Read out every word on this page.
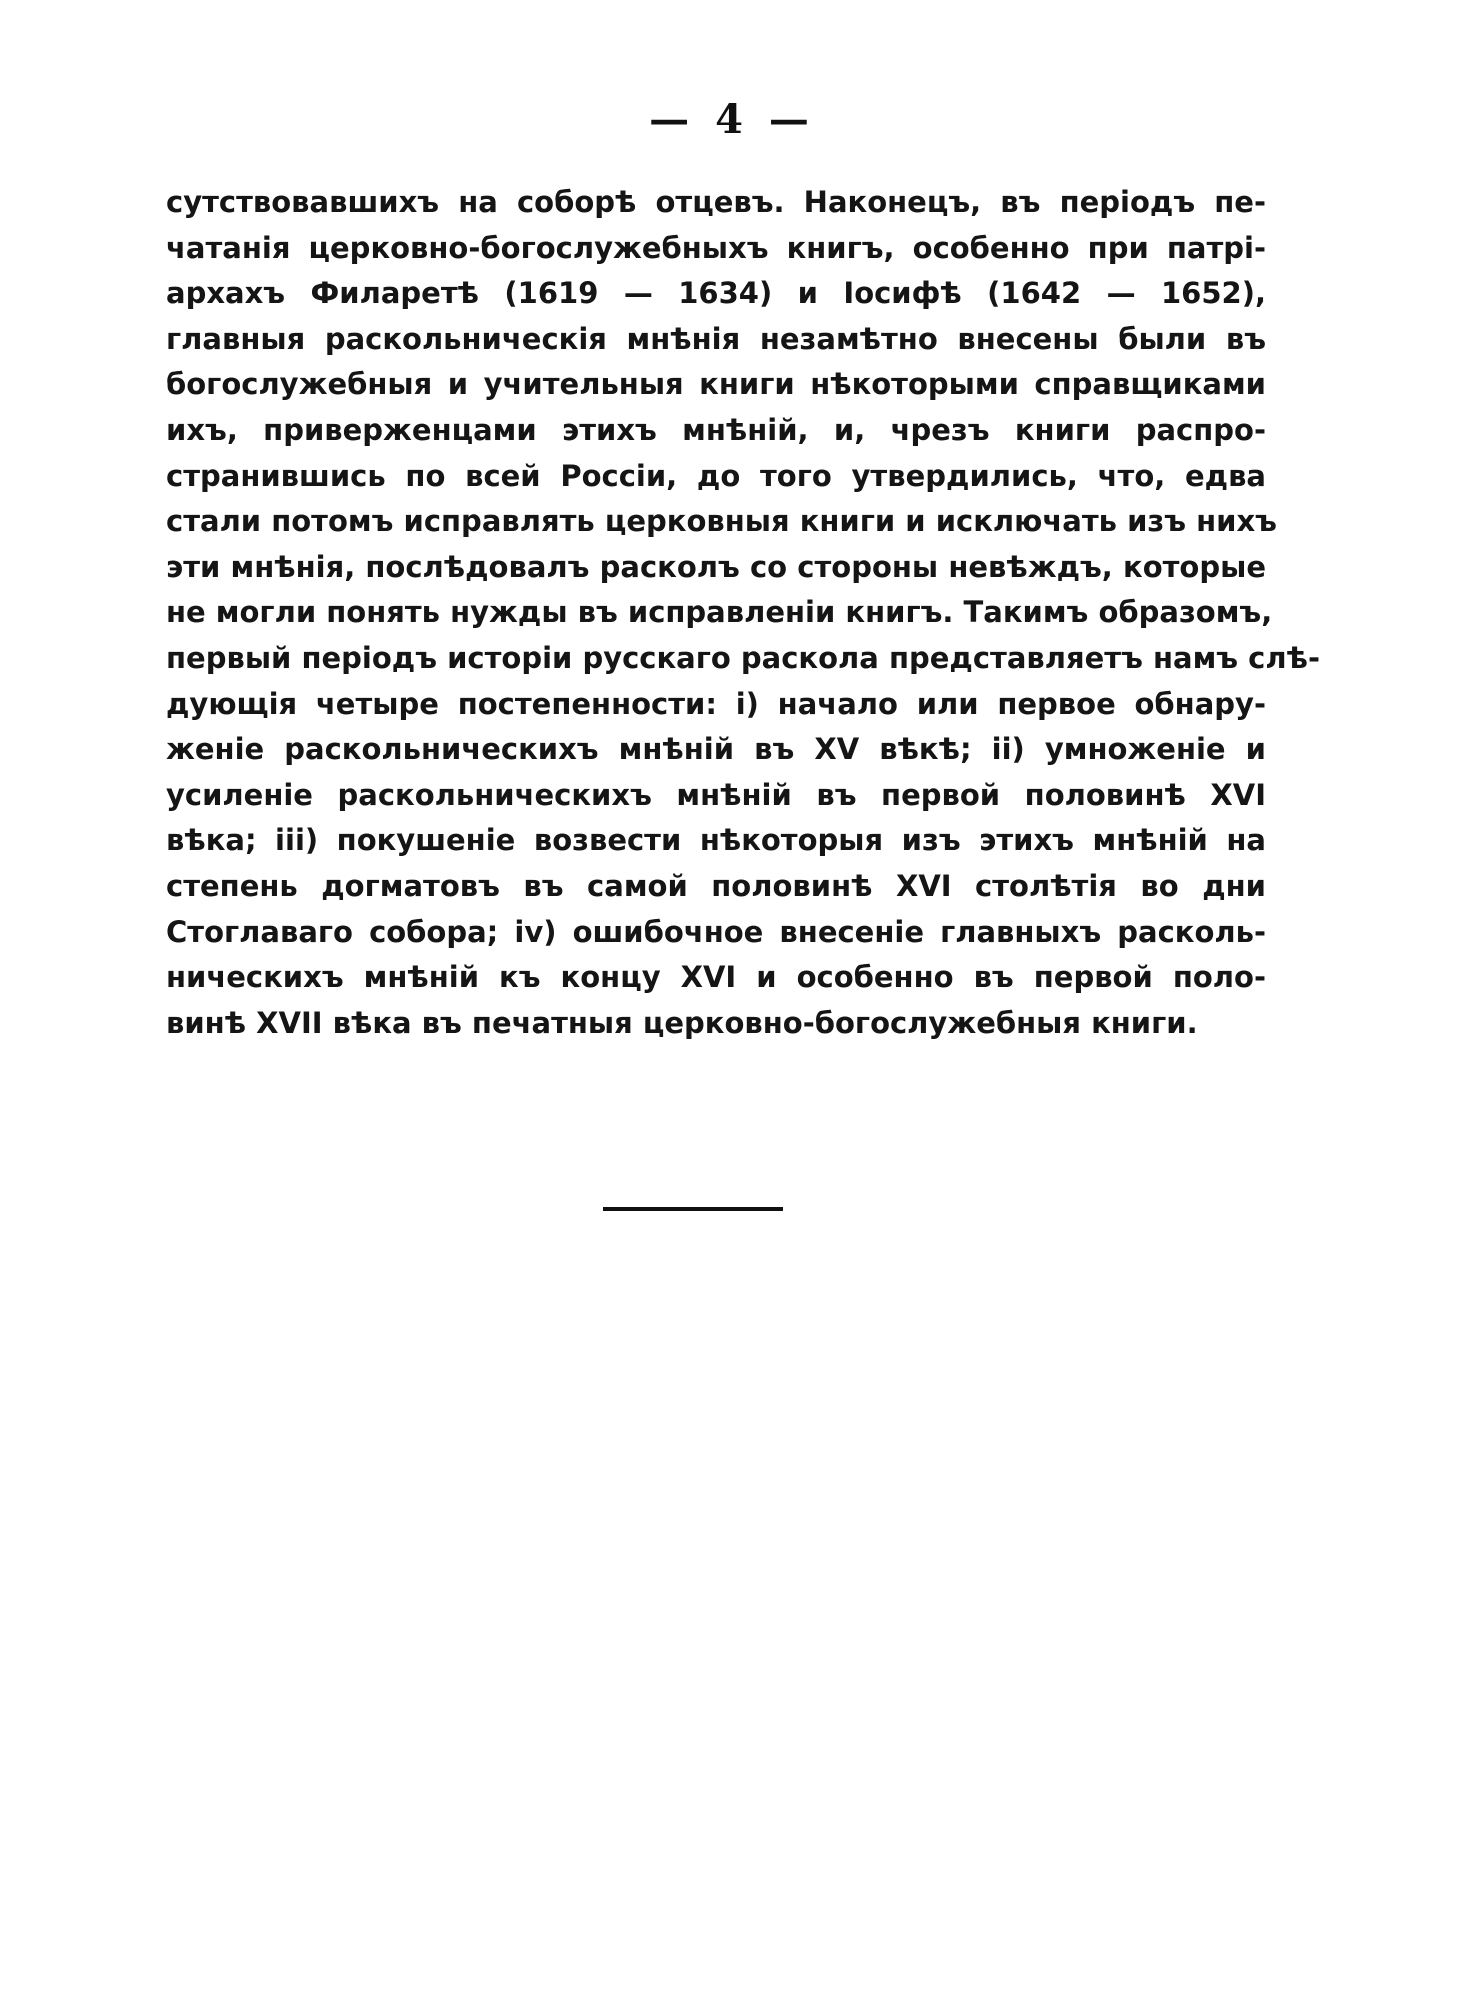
— 4 —
сутствовавшихъ на соборѣ отцевъ. Наконецъ, въ періодъ пе-
чатанія церковно-богослужебныхъ книгъ, особенно при патрі-
архахъ Филаретѣ (1619 — 1634) и Іосифѣ (1642 — 1652),
главныя раскольническія мнѣнія незамѣтно внесены были въ
богослужебныя и учительныя книги нѣкоторыми справщиками
ихъ, приверженцами этихъ мнѣній, и, чрезъ книги распро-
странившись по всей Россіи, до того утвердились, что, едва
стали потомъ исправлять церковныя книги и исключать изъ нихъ
эти мнѣнія, послѣдовалъ расколъ со стороны невѣждъ, которые
не могли понять нужды въ исправленіи книгъ. Такимъ образомъ,
первый періодъ исторіи русскаго раскола представляетъ намъ слѣ-
дующія четыре постепенности: i) начало или первое обнару-
женіе раскольническихъ мнѣній въ XV вѣкѣ; ii) умноженіе и
усиленіе раскольническихъ мнѣній въ первой половинѣ XVI
вѣка; iii) покушеніе возвести нѣкоторыя изъ этихъ мнѣній на
степень догматовъ въ самой половинѣ XVI столѣтія во дни
Стоглаваго собора; iv) ошибочное внесеніе главныхъ расколь-
ническихъ мнѣній къ концу XVI и особенно въ первой поло-
винѣ XVII вѣка въ печатныя церковно-богослужебныя книги.
